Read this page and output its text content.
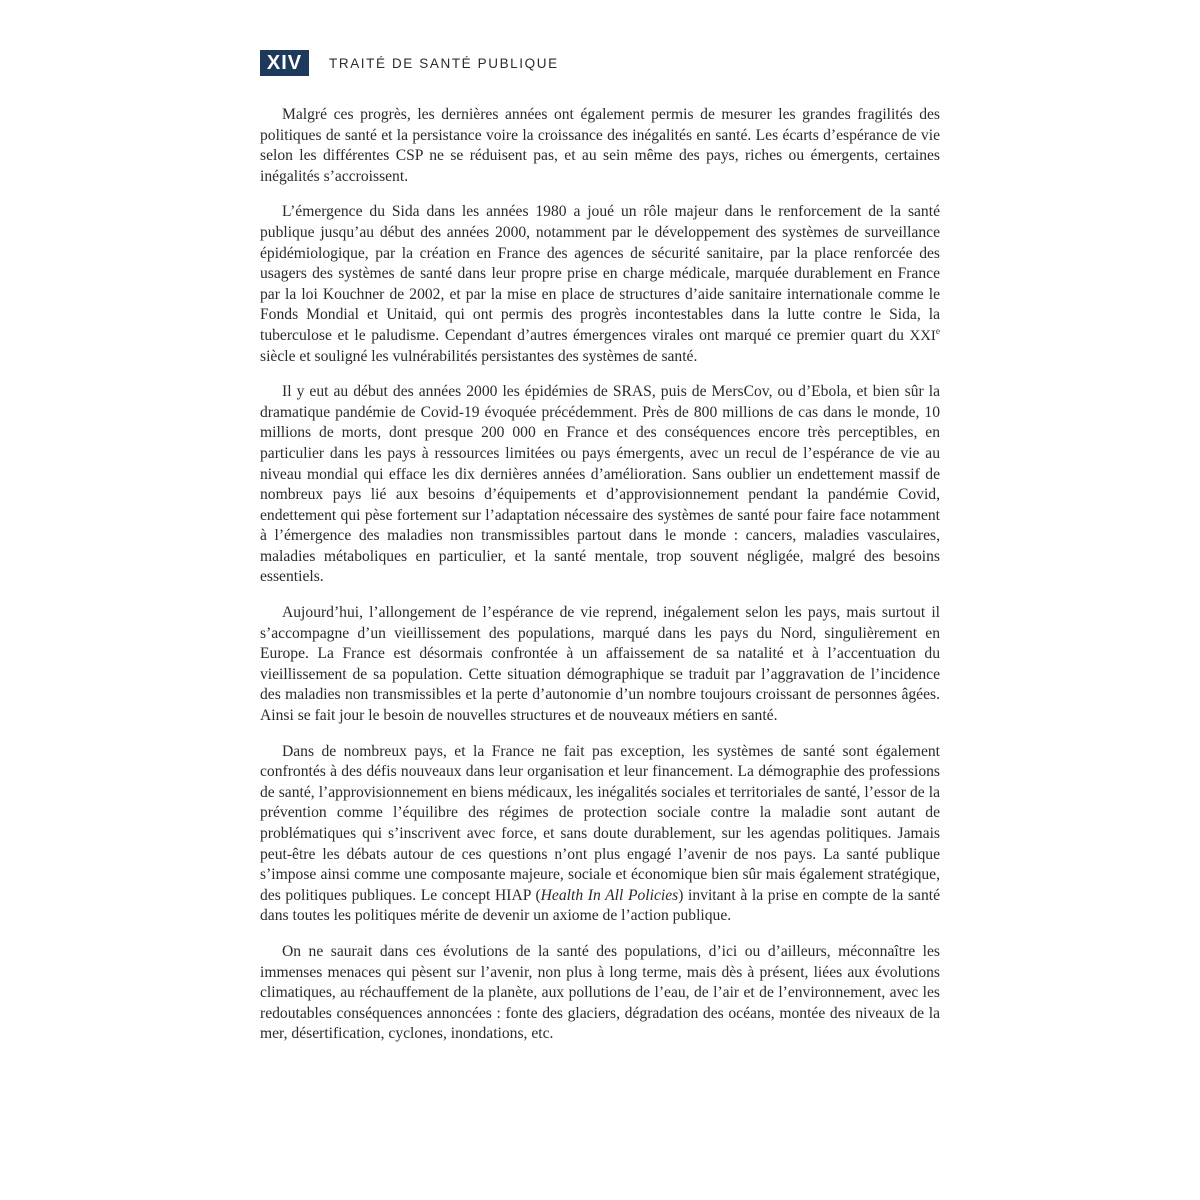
XIV	TRAITÉ DE SANTÉ PUBLIQUE

Malgré ces progrès, les dernières années ont également permis de mesurer les grandes fragilités des politiques de santé et la persistance voire la croissance des inégalités en santé. Les écarts d’espérance de vie selon les différentes CSP ne se réduisent pas, et au sein même des pays, riches ou émergents, certaines inégalités s’accroissent.

L’émergence du Sida dans les années 1980 a joué un rôle majeur dans le renforcement de la santé publique jusqu’au début des années 2000, notamment par le développement des systèmes de surveillance épidémiologique, par la création en France des agences de sécurité sanitaire, par la place renforcée des usagers des systèmes de santé dans leur propre prise en charge médicale, marquée durablement en France par la loi Kouchner de 2002, et par la mise en place de structures d’aide sanitaire internationale comme le Fonds Mondial et Unitaid, qui ont permis des progrès incontestables dans la lutte contre le Sida, la tuberculose et le paludisme. Cependant d’autres émergences virales ont marqué ce premier quart du XXIe siècle et souligné les vulnérabilités persistantes des systèmes de santé.

Il y eut au début des années 2000 les épidémies de SRAS, puis de MersCov, ou d’Ebola, et bien sûr la dramatique pandémie de Covid-19 évoquée précédemment. Près de 800 millions de cas dans le monde, 10 millions de morts, dont presque 200 000 en France et des conséquences encore très perceptibles, en particulier dans les pays à ressources limitées ou pays émergents, avec un recul de l’espérance de vie au niveau mondial qui efface les dix dernières années d’amélioration. Sans oublier un endettement massif de nombreux pays lié aux besoins d’équipements et d’approvisionnement pendant la pandémie Covid, endettement qui pèse fortement sur l’adaptation nécessaire des systèmes de santé pour faire face notamment à l’émergence des maladies non transmissibles partout dans le monde : cancers, maladies vasculaires, maladies métaboliques en particulier, et la santé mentale, trop souvent négligée, malgré des besoins essentiels.

Aujourd’hui, l’allongement de l’espérance de vie reprend, inégalement selon les pays, mais surtout il s’accompagne d’un vieillissement des populations, marqué dans les pays du Nord, singulièrement en Europe. La France est désormais confrontée à un affaissement de sa natalité et à l’accentuation du vieillissement de sa population. Cette situation démographique se traduit par l’aggravation de l’incidence des maladies non transmissibles et la perte d’autonomie d’un nombre toujours croissant de personnes âgées. Ainsi se fait jour le besoin de nouvelles structures et de nouveaux métiers en santé.

Dans de nombreux pays, et la France ne fait pas exception, les systèmes de santé sont également confrontés à des défis nouveaux dans leur organisation et leur financement. La démographie des professions de santé, l’approvisionnement en biens médicaux, les inégalités sociales et territoriales de santé, l’essor de la prévention comme l’équilibre des régimes de protection sociale contre la maladie sont autant de problématiques qui s’inscrivent avec force, et sans doute durablement, sur les agendas politiques. Jamais peut-être les débats autour de ces questions n’ont plus engagé l’avenir de nos pays. La santé publique s’impose ainsi comme une composante majeure, sociale et économique bien sûr mais également stratégique, des politiques publiques. Le concept HIAP (Health In All Policies) invitant à la prise en compte de la santé dans toutes les politiques mérite de devenir un axiome de l’action publique.

On ne saurait dans ces évolutions de la santé des populations, d’ici ou d’ailleurs, méconnaître les immenses menaces qui pèsent sur l’avenir, non plus à long terme, mais dès à présent, liées aux évolutions climatiques, au réchauffement de la planète, aux pollutions de l’eau, de l’air et de l’environnement, avec les redoutables conséquences annoncées : fonte des glaciers, dégradation des océans, montée des niveaux de la mer, désertification, cyclones, inondations, etc.
